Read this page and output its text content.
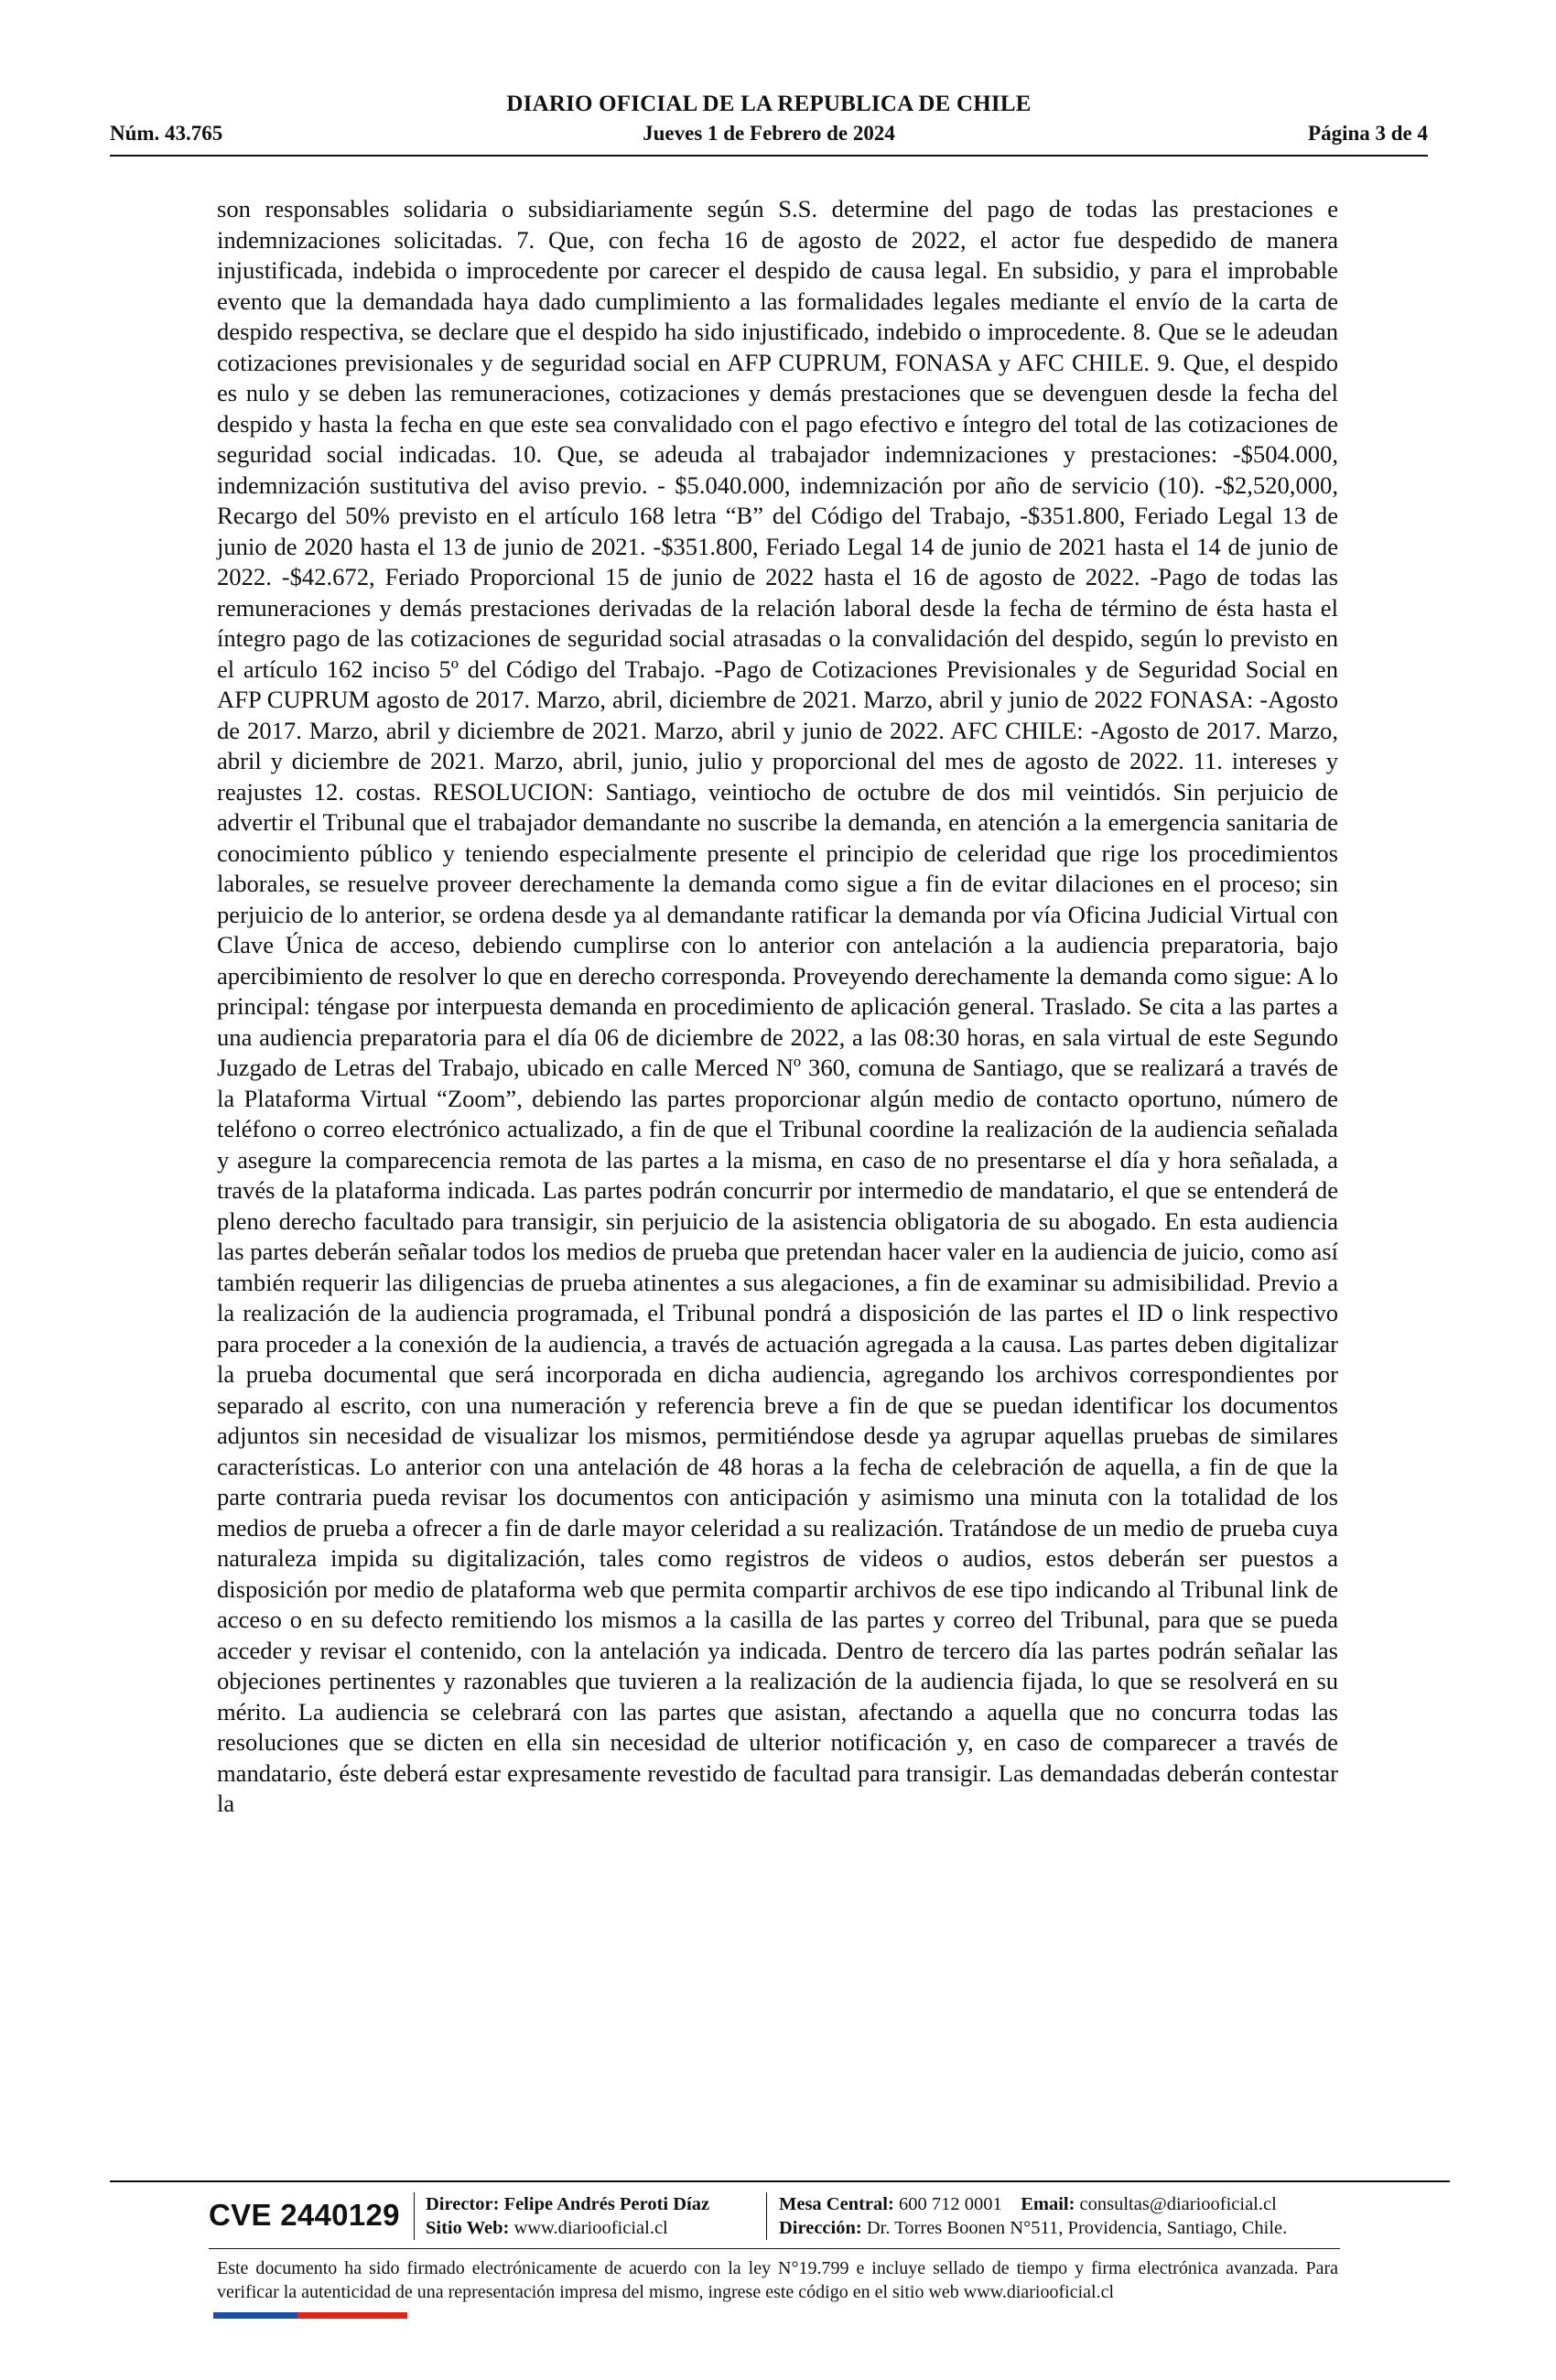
DIARIO OFICIAL DE LA REPUBLICA DE CHILE
Núm. 43.765	Jueves 1 de Febrero de 2024	Página 3 de 4

son responsables solidaria o subsidiariamente según S.S. determine del pago de todas las prestaciones e indemnizaciones solicitadas. 7. Que, con fecha 16 de agosto de 2022, el actor fue despedido de manera injustificada, indebida o improcedente por carecer el despido de causa legal. En subsidio, y para el improbable evento que la demandada haya dado cumplimiento a las formalidades legales mediante el envío de la carta de despido respectiva, se declare que el despido ha sido injustificado, indebido o improcedente. 8. Que se le adeudan cotizaciones previsionales y de seguridad social en AFP CUPRUM, FONASA y AFC CHILE. 9. Que, el despido es nulo y se deben las remuneraciones, cotizaciones y demás prestaciones que se devenguen desde la fecha del despido y hasta la fecha en que este sea convalidado con el pago efectivo e íntegro del total de las cotizaciones de seguridad social indicadas. 10. Que, se adeuda al trabajador indemnizaciones y prestaciones: -$504.000, indemnización sustitutiva del aviso previo. - $5.040.000, indemnización por año de servicio (10). -$2,520,000, Recargo del 50% previsto en el artículo 168 letra “B” del Código del Trabajo, -$351.800, Feriado Legal 13 de junio de 2020 hasta el 13 de junio de 2021. -$351.800, Feriado Legal 14 de junio de 2021 hasta el 14 de junio de 2022. -$42.672, Feriado Proporcional 15 de junio de 2022 hasta el 16 de agosto de 2022. -Pago de todas las remuneraciones y demás prestaciones derivadas de la relación laboral desde la fecha de término de ésta hasta el íntegro pago de las cotizaciones de seguridad social atrasadas o la convalidación del despido, según lo previsto en el artículo 162 inciso 5º del Código del Trabajo. -Pago de Cotizaciones Previsionales y de Seguridad Social en AFP CUPRUM agosto de 2017. Marzo, abril, diciembre de 2021. Marzo, abril y junio de 2022 FONASA: -Agosto de 2017. Marzo, abril y diciembre de 2021. Marzo, abril y junio de 2022. AFC CHILE: -Agosto de 2017. Marzo, abril y diciembre de 2021. Marzo, abril, junio, julio y proporcional del mes de agosto de 2022. 11. intereses y reajustes 12. costas. RESOLUCION: Santiago, veintiocho de octubre de dos mil veintidós. Sin perjuicio de advertir el Tribunal que el trabajador demandante no suscribe la demanda, en atención a la emergencia sanitaria de conocimiento público y teniendo especialmente presente el principio de celeridad que rige los procedimientos laborales, se resuelve proveer derechamente la demanda como sigue a fin de evitar dilaciones en el proceso; sin perjuicio de lo anterior, se ordena desde ya al demandante ratificar la demanda por vía Oficina Judicial Virtual con Clave Única de acceso, debiendo cumplirse con lo anterior con antelación a la audiencia preparatoria, bajo apercibimiento de resolver lo que en derecho corresponda. Proveyendo derechamente la demanda como sigue: A lo principal: téngase por interpuesta demanda en procedimiento de aplicación general. Traslado. Se cita a las partes a una audiencia preparatoria para el día 06 de diciembre de 2022, a las 08:30 horas, en sala virtual de este Segundo Juzgado de Letras del Trabajo, ubicado en calle Merced Nº 360, comuna de Santiago, que se realizará a través de la Plataforma Virtual “Zoom”, debiendo las partes proporcionar algún medio de contacto oportuno, número de teléfono o correo electrónico actualizado, a fin de que el Tribunal coordine la realización de la audiencia señalada y asegure la comparecencia remota de las partes a la misma, en caso de no presentarse el día y hora señalada, a través de la plataforma indicada. Las partes podrán concurrir por intermedio de mandatario, el que se entenderá de pleno derecho facultado para transigir, sin perjuicio de la asistencia obligatoria de su abogado. En esta audiencia las partes deberán señalar todos los medios de prueba que pretendan hacer valer en la audiencia de juicio, como así también requerir las diligencias de prueba atinentes a sus alegaciones, a fin de examinar su admisibilidad. Previo a la realización de la audiencia programada, el Tribunal pondrá a disposición de las partes el ID o link respectivo para proceder a la conexión de la audiencia, a través de actuación agregada a la causa. Las partes deben digitalizar la prueba documental que será incorporada en dicha audiencia, agregando los archivos correspondientes por separado al escrito, con una numeración y referencia breve a fin de que se puedan identificar los documentos adjuntos sin necesidad de visualizar los mismos, permitiéndose desde ya agrupar aquellas pruebas de similares características. Lo anterior con una antelación de 48 horas a la fecha de celebración de aquella, a fin de que la parte contraria pueda revisar los documentos con anticipación y asimismo una minuta con la totalidad de los medios de prueba a ofrecer a fin de darle mayor celeridad a su realización. Tratándose de un medio de prueba cuya naturaleza impida su digitalización, tales como registros de videos o audios, estos deberán ser puestos a disposición por medio de plataforma web que permita compartir archivos de ese tipo indicando al Tribunal link de acceso o en su defecto remitiendo los mismos a la casilla de las partes y correo del Tribunal, para que se pueda acceder y revisar el contenido, con la antelación ya indicada. Dentro de tercero día las partes podrán señalar las objeciones pertinentes y razonables que tuvieren a la realización de la audiencia fijada, lo que se resolverá en su mérito. La audiencia se celebrará con las partes que asistan, afectando a aquella que no concurra todas las resoluciones que se dicten en ella sin necesidad de ulterior notificación y, en caso de comparecer a través de mandatario, éste deberá estar expresamente revestido de facultad para transigir. Las demandadas deberán contestar la

CVE 2440129 Director: Felipe Andrés Peroti Díaz
Sitio Web: www.diariooficial.cl
Mesa Central: 600 712 0001 Email: consultas@diariooficial.cl
Dirección: Dr. Torres Boonen N°511, Providencia, Santiago, Chile.

Este documento ha sido firmado electrónicamente de acuerdo con la ley N°19.799 e incluye sellado de tiempo y firma electrónica avanzada. Para verificar la autenticidad de una representación impresa del mismo, ingrese este código en el sitio web www.diariooficial.cl
